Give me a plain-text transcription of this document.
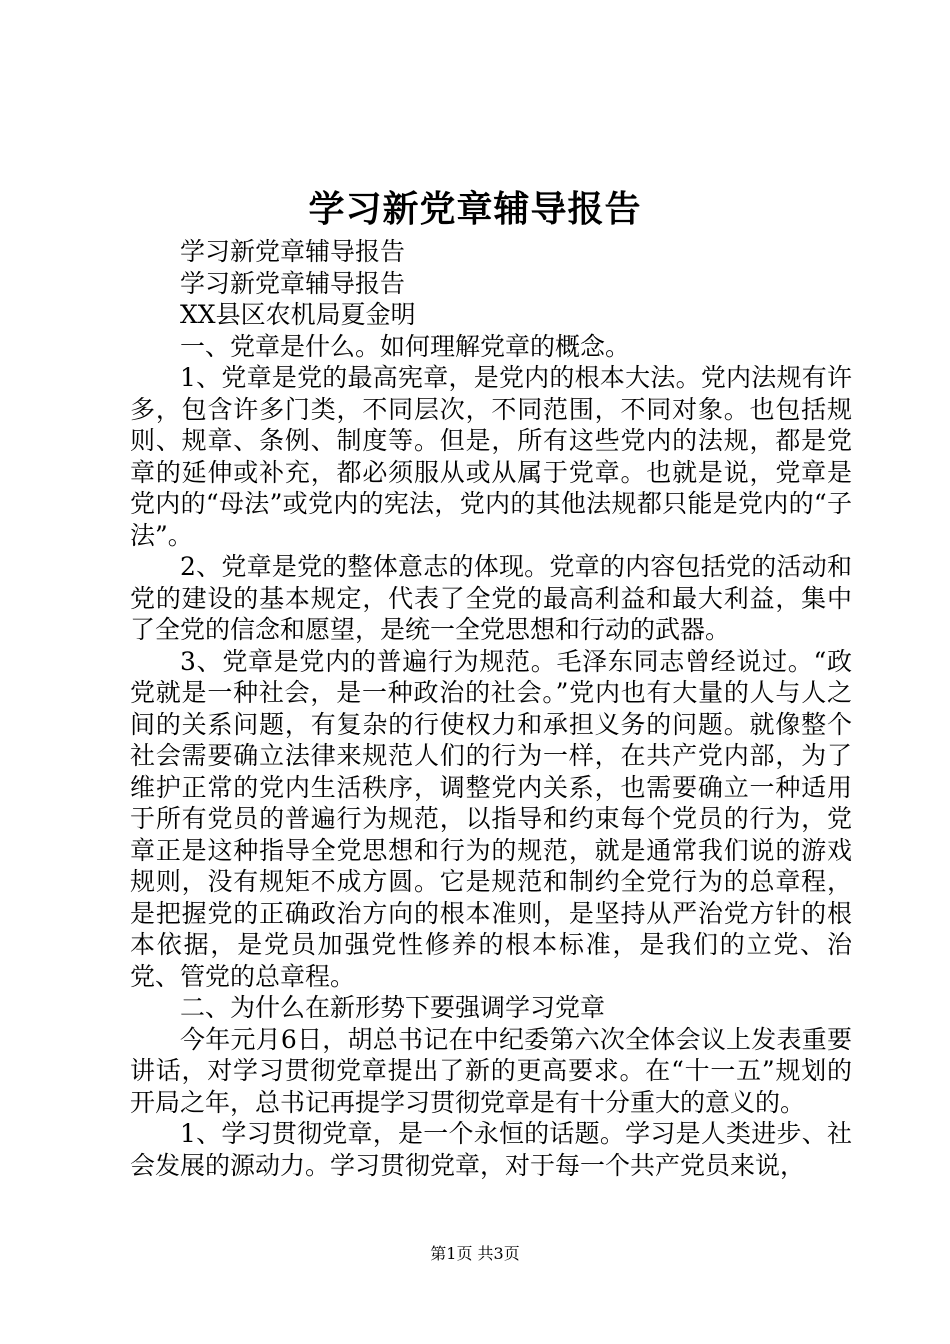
学习新党章辅导报告

学习新党章辅导报告

学习新党章辅导报告

XX县区农机局夏金明

一、党章是什么。如何理解党章的概念。

1、党章是党的最高宪章，是党内的根本大法。党内法规有许多，包含许多门类，不同层次，不同范围，不同对象。也包括规则、规章、条例、制度等。但是，所有这些党内的法规，都是党章的延伸或补充，都必须服从或从属于党章。也就是说，党章是党内的“母法”或党内的宪法，党内的其他法规都只能是党内的“子法”。

2、党章是党的整体意志的体现。党章的内容包括党的活动和党的建设的基本规定，代表了全党的最高利益和最大利益，集中了全党的信念和愿望，是统一全党思想和行动的武器。

3、党章是党内的普遍行为规范。毛泽东同志曾经说过。“政党就是一种社会，是一种政治的社会。”党内也有大量的人与人之间的关系问题，有复杂的行使权力和承担义务的问题。就像整个社会需要确立法律来规范人们的行为一样，在共产党内部，为了维护正常的党内生活秩序，调整党内关系，也需要确立一种适用于所有党员的普遍行为规范，以指导和约束每个党员的行为，党章正是这种指导全党思想和行为的规范，就是通常我们说的游戏规则，没有规矩不成方圆。它是规范和制约全党行为的总章程，是把握党的正确政治方向的根本准则，是坚持从严治党方针的根本依据，是党员加强党性修养的根本标准，是我们的立党、治党、管党的总章程。

二、为什么在新形势下要强调学习党章

今年元月6日，胡总书记在中纪委第六次全体会议上发表重要讲话，对学习贯彻党章提出了新的更高要求。在“十一五”规划的开局之年，总书记再提学习贯彻党章是有十分重大的意义的。

1、学习贯彻党章，是一个永恒的话题。学习是人类进步、社会发展的源动力。学习贯彻党章，对于每一个共产党员来说，

第1页 共3页
